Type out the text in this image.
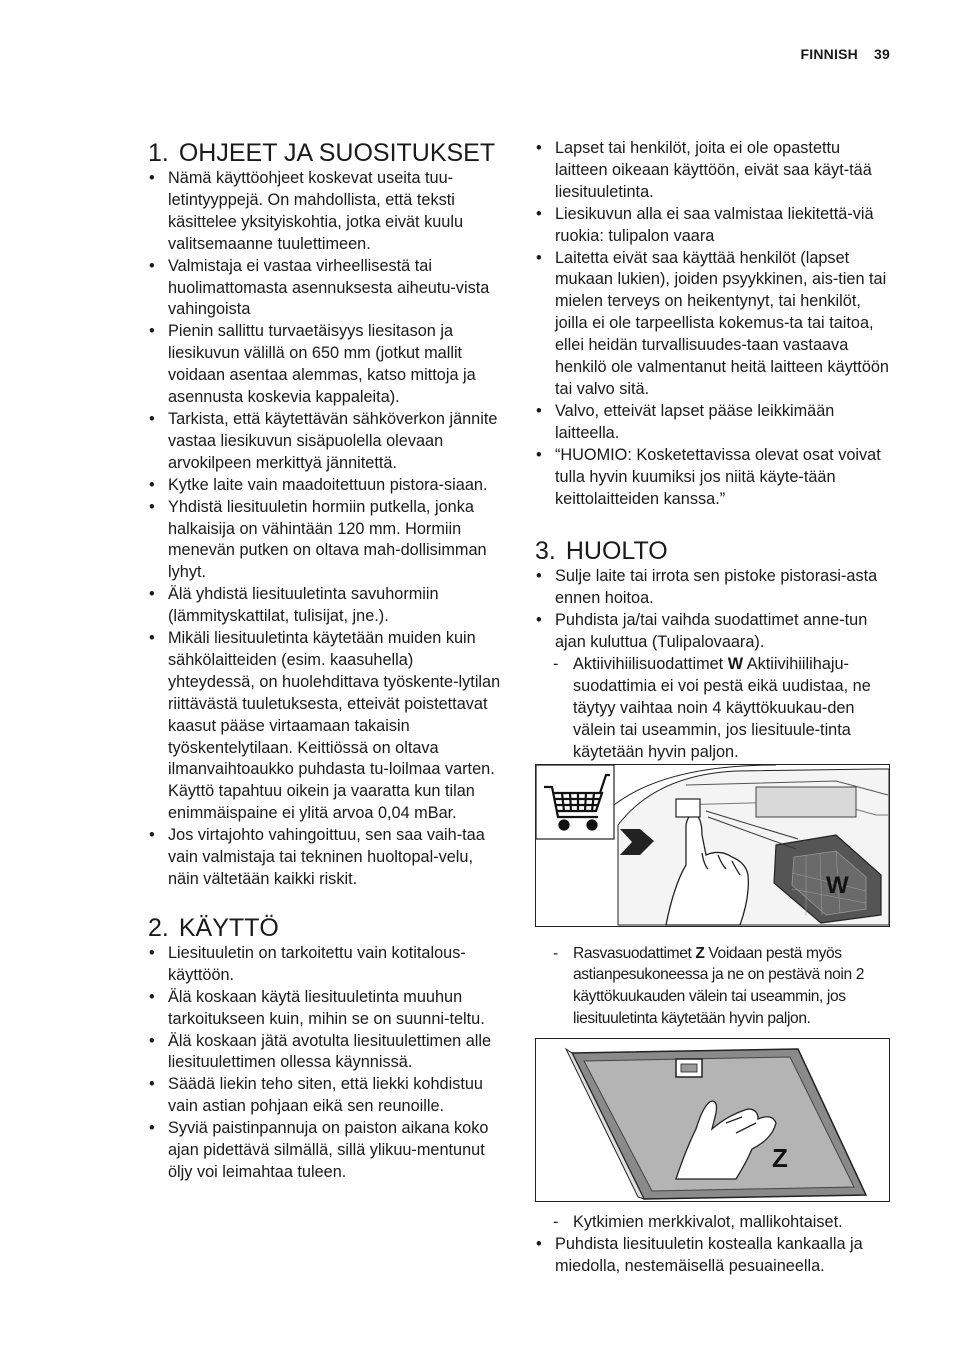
FINNISH 39
1. OHJEET JA SUOSITUKSET
• Nämä käyttöohjeet koskevat useita tuu-letintyyppejä. On mahdollista, että teksti käsittelee yksityiskohtia, jotka eivät kuulu valitsemaanne tuulettimeen.
• Valmistaja ei vastaa virheellisestä tai huolimattomasta asennuksesta aiheutu-vista vahingoista
• Pienin sallittu turvaetäisyys liesitason ja liesikuvun välillä on 650 mm (jotkut mallit voidaan asentaa alemmas, katso mittoja ja asennusta koskevia kappaleita).
• Tarkista, että käytettävän sähköverkon jännite vastaa liesikuvun sisäpuolella olevaan arvokilpeen merkittyä jännitettä.
• Kytke laite vain maadoitettuun pistora-siaan.
• Yhdistä liesituuletin hormiin putkella, jonka halkaisija on vähintään 120 mm. Hormiin menevän putken on oltava mah-dollisimman lyhyt.
• Älä yhdistä liesituuletinta savuhormiin (lämmityskattilat, tulisijat, jne.).
• Mikäli liesituuletinta käytetään muiden kuin sähkölaitteiden (esim. kaasuhella) yhteydessä, on huolehdittava työskente-lytilan riittävästä tuuletuksesta, etteivät poistettavat kaasut pääse virtaamaan takaisin työskentelytilaan. Keittiössä on oltava ilmanvaihtoaukko puhdasta tu-loilmaa varten. Käyttö tapahtuu oikein ja vaaratta kun tilan enimmäispaine ei ylitä arvoa 0,04 mBar.
• Jos virtajohto vahingoittuu, sen saa vaih-taa vain valmistaja tai tekninen huoltopal-velu, näin vältetään kaikki riskit.
2. KÄYTTÖ
• Liesituuletin on tarkoitettu vain kotitalous-käyttöön.
• Älä koskaan käytä liesituuletinta muuhun tarkoitukseen kuin, mihin se on suunni-teltu.
• Älä koskaan jätä avotulta liesituulettimen alle liesituulettimen ollessa käynnissä.
• Säädä liekin teho siten, että liekki kohdistuu vain astian pohjaan eikä sen reunoille.
• Syviä paistinpannuja on paiston aikana koko ajan pidettävä silmällä, sillä ylikuu-mentunut öljy voi leimahtaa tuleen.
• Lapset tai henkilöt, joita ei ole opastettu laitteen oikeaan käyttöön, eivät saa käyt-tää liesituuletinta.
• Liesikuvun alla ei saa valmistaa liekitettä-viä ruokia: tulipalon vaara
• Laitetta eivät saa käyttää henkilöt (lapset mukaan lukien), joiden psyykkinen, ais-tien tai mielen terveys on heikentynyt, tai henkilöt, joilla ei ole tarpeellista kokemus-ta tai taitoa, ellei heidän turvallisuudes-taan vastaava henkilö ole valmentanut heitä laitteen käyttöön tai valvo sitä.
• Valvo, etteivät lapset pääse leikkimään laitteella.
• “HUOMIO: Kosketettavissa olevat osat voivat tulla hyvin kuumiksi jos niitä käyte-tään keittolaitteiden kanssa.”
3. HUOLTO
• Sulje laite tai irrota sen pistoke pistorasi-asta ennen hoitoa.
• Puhdista ja/tai vaihda suodattimet anne-tun ajan kuluttua (Tulipalovaara).
- Aktiivihiilisuodattimet W Aktiivihiilihaju-suodattimia ei voi pestä eikä uudistaa, ne täytyy vaihtaa noin 4 käyttökuukau-den välein tai useammin, jos liesituule-tinta käytetään hyvin paljon.
W
- Rasvasuodattimet Z Voidaan pestä myös astianpesukoneessa ja ne on pestävä noin 2 käyttökuukauden välein tai useammin, jos liesituuletinta käytetään hyvin paljon.
Z
- Kytkimien merkkivalot, mallikohtaiset.
• Puhdista liesituuletin kostealla kankaalla ja miedolla, nestemäisellä pesuaineella.
